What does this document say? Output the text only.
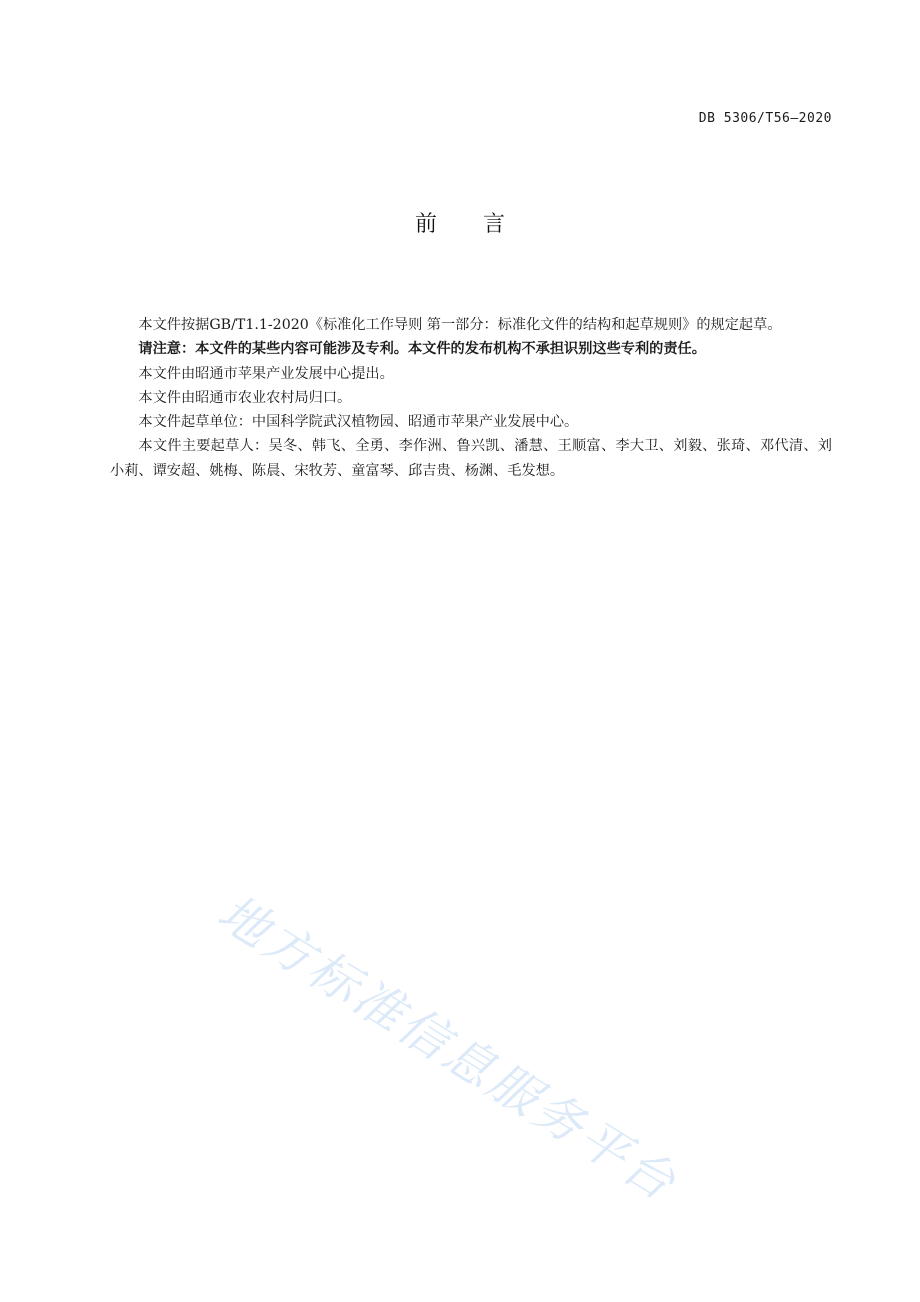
DB 5306/T56—2020
前言

本文件按据GB/T1.1-2020《标准化工作导则 第一部分：标准化文件的结构和起草规则》的规定起草。

请注意：本文件的某些内容可能涉及专利。本文件的发布机构不承担识别这些专利的责任。

本文件由昭通市苹果产业发展中心提出。

本文件由昭通市农业农村局归口。

本文件起草单位：中国科学院武汉植物园、昭通市苹果产业发展中心。

本文件主要起草人：吴冬、韩飞、全勇、李作洲、鲁兴凯、潘慧、王顺富、李大卫、刘毅、张琦、邓代清、刘小莉、谭安超、姚梅、陈晨、宋牧芳、童富琴、邱吉贵、杨渊、毛发想。

地方标准信息服务平台
